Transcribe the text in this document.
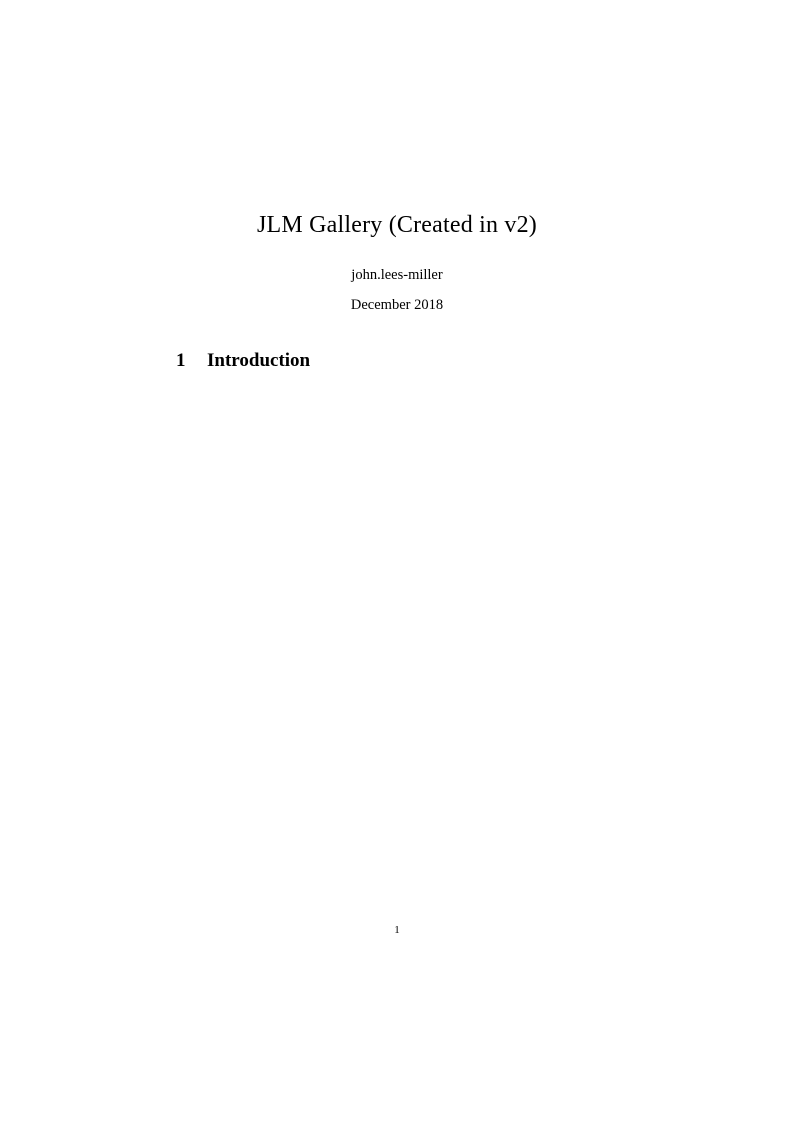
JLM Gallery (Created in v2)
john.lees-miller
December 2018
1 Introduction
1
